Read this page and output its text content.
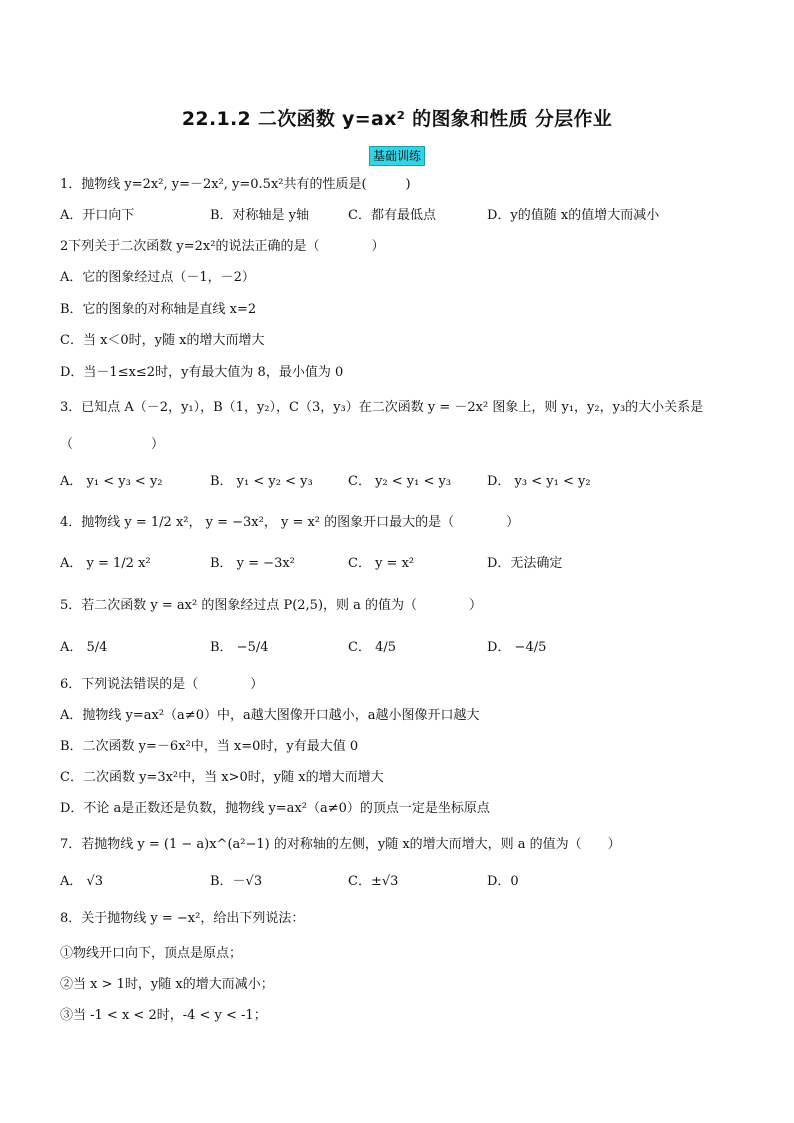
22.1.2 二次函数 y=ax² 的图象和性质 分层作业
基础训练
1．抛物线 y=2x², y=－2x², y=0.5x²共有的性质是(　　　)
A．开口向下	B．对称轴是 y轴	C．都有最低点	D．y的值随 x的值增大而减小
2下列关于二次函数 y=2x²的说法正确的是（　　　　）
A．它的图象经过点（－1，－2）
B．它的图象的对称轴是直线 x=2
C．当 x＜0时，y随 x的增大而增大
D．当－1≤x≤2时，y有最大值为 8，最小值为 0
3．已知点 A（－2，y₁），B（1，y₂），C（3，y₃）在二次函数 y = －2x² 图象上，则 y₁，y₂，y₃的大小关系是
（　　　　　　）
A． y₁ < y₃ < y₂	B． y₁ < y₂ < y₃	C． y₂ < y₁ < y₃	D． y₃ < y₁ < y₂
4．抛物线 y = 1/2 x²， y = −3x²， y = x² 的图象开口最大的是（　　　　）
A． y = 1/2 x²	B． y = −3x²	C． y = x²	D．无法确定
5．若二次函数 y = ax² 的图象经过点 P(2,5)，则 a 的值为（　　　　）
A． 5/4	B． −5/4	C． 4/5	D． −4/5
6．下列说法错误的是（　　　　）
A．抛物线 y=ax²（a≠0）中，a越大图像开口越小，a越小图像开口越大
B．二次函数 y=－6x²中，当 x=0时，y有最大值 0
C．二次函数 y=3x²中，当 x>0时，y随 x的增大而增大
D．不论 a是正数还是负数，抛物线 y=ax²（a≠0）的顶点一定是坐标原点
7．若抛物线 y = (1 − a)x^(a²−1) 的对称轴的左侧，y随 x的增大而增大，则 a 的值为（　　）
A． √3	B．－√3	C．±√3	D．0
8．关于抛物线 y = −x²，给出下列说法：
①物线开口向下，顶点是原点；
②当 x > 1时，y随 x的增大而减小；
③当 -1 < x < 2时，-4 < y < -1；
